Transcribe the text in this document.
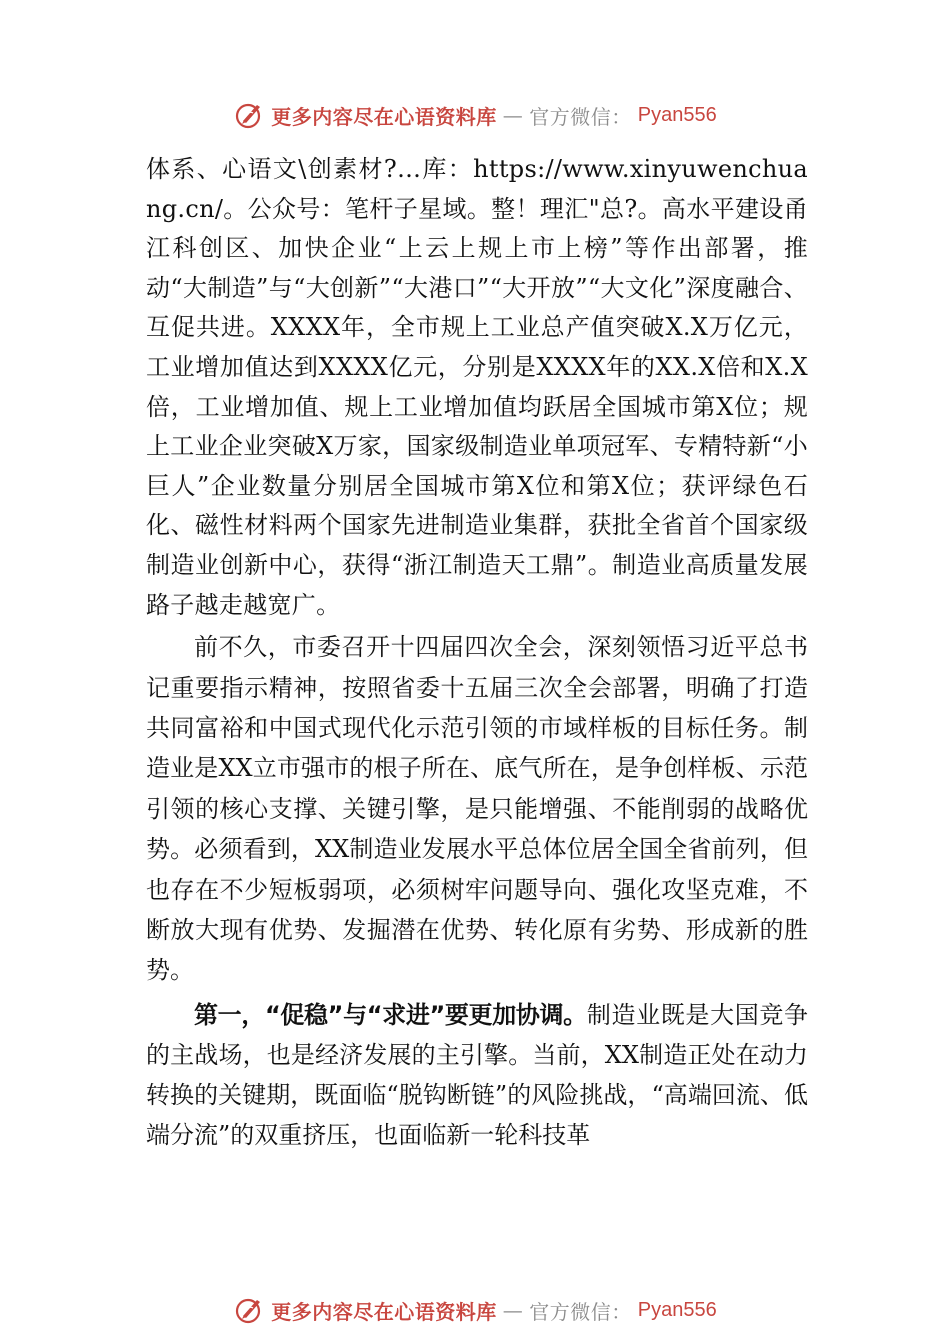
更多内容尽在心语资料库 — 官方微信： Pyan556

体系、心语文\创素材?…库：https://www.xinyuwenchuang.cn/。公众号：笔杆子星域。整！理汇"总?。高水平建设甬江科创区、加快企业“上云上规上市上榜”等作出部署，推动“大制造”与“大创新”“大港口”“大开放”“大文化”深度融合、互促共进。XXXX年，全市规上工业总产值突破X.X万亿元，工业增加值达到XXXX亿元，分别是XXXX年的XX.X倍和X.X倍，工业增加值、规上工业增加值均跃居全国城市第X位；规上工业企业突破X万家，国家级制造业单项冠军、专精特新“小巨人”企业数量分别居全国城市第X位和第X位；获评绿色石化、磁性材料两个国家先进制造业集群，获批全省首个国家级制造业创新中心，获得“浙江制造天工鼎”。制造业高质量发展路子越走越宽广。

前不久，市委召开十四届四次全会，深刻领悟习近平总书记重要指示精神，按照省委十五届三次全会部署，明确了打造共同富裕和中国式现代化示范引领的市域样板的目标任务。制造业是XX立市强市的根子所在、底气所在，是争创样板、示范引领的核心支撑、关键引擎，是只能增强、不能削弱的战略优势。必须看到，XX制造业发展水平总体位居全国全省前列，但也存在不少短板弱项，必须树牢问题导向、强化攻坚克难，不断放大现有优势、发掘潜在优势、转化原有劣势、形成新的胜势。

第一，“促稳”与“求进”要更加协调。制造业既是大国竞争的主战场，也是经济发展的主引擎。当前，XX制造正处在动力转换的关键期，既面临“脱钩断链”的风险挑战，“高端回流、低端分流”的双重挤压，也面临新一轮科技革

更多内容尽在心语资料库 — 官方微信： Pyan556
